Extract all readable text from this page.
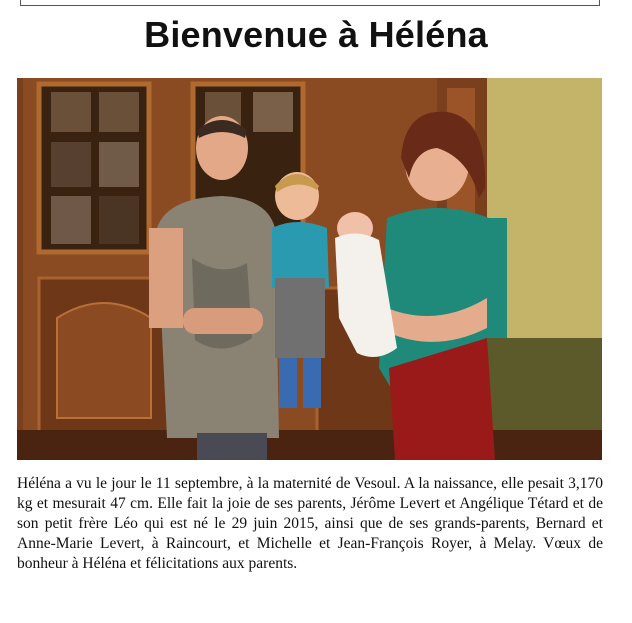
Bienvenue à Héléna
Héléna a vu le jour le 11 septembre, à la maternité de Vesoul. A la naissance, elle pesait 3,170 kg et mesurait 47 cm. Elle fait la joie de ses parents, Jérôme Levert et Angélique Tétard et de son petit frère Léo qui est né le 29 juin 2015, ainsi que de ses grands-parents, Bernard et Anne-Marie Levert, à Raincourt, et Michelle et Jean-François Royer, à Melay. Vœux de bonheur à Héléna et félicitations aux parents.
